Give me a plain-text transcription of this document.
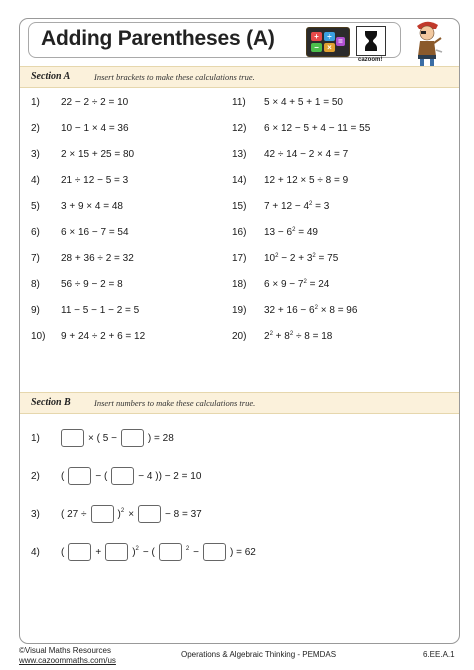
Adding Parentheses (A)	+	÷
−	×
=
cazoom!
Section A	Insert brackets to make these calculations true.
1) 22 − 2 ÷ 2 = 10
2) 10 − 1 × 4 = 36
3) 2 × 15 + 25 = 80
4) 21 ÷ 12 − 5 = 3
5) 3 + 9 × 4 = 48
6) 6 × 16 − 7 = 54
7) 28 + 36 ÷ 2 = 32
8) 56 ÷ 9 − 2 = 8
9) 11 − 5 − 1 − 2 = 5
10) 9 + 24 ÷ 2 + 6 = 12
11) 5 × 4 + 5 + 1 = 50
12) 6 × 12 − 5 + 4 − 11 = 55
13) 42 ÷ 14 − 2 × 4 = 7
14) 12 + 12 × 5 ÷ 8 = 9
15) $7 + 12 - 4^2 = 3$
16) $13 - 6^2 = 49$
17) $10^2 - 2 + 3^2 = 75$
18) $6 \times 9 - 7^2 = 24$
19) $32 + 16 - 6^2 \times 8 = 96$
20) $2^2 + 8^2 \div 8 = 18$
Section B	Insert numbers to make these calculations true.
1)	× ( 5 −	) = 28
2) (	− (	− 4 )) − 2 = 10
3) ( 27 ÷	)$^2$ ×	− 8 = 37
4) (	+	)$^2$ − (	$^2$ −	) = 62
©Visual Maths Resources
www.cazoommaths.com/us
Operations & Algebraic Thinking - PEMDAS	6.EE.A.1
